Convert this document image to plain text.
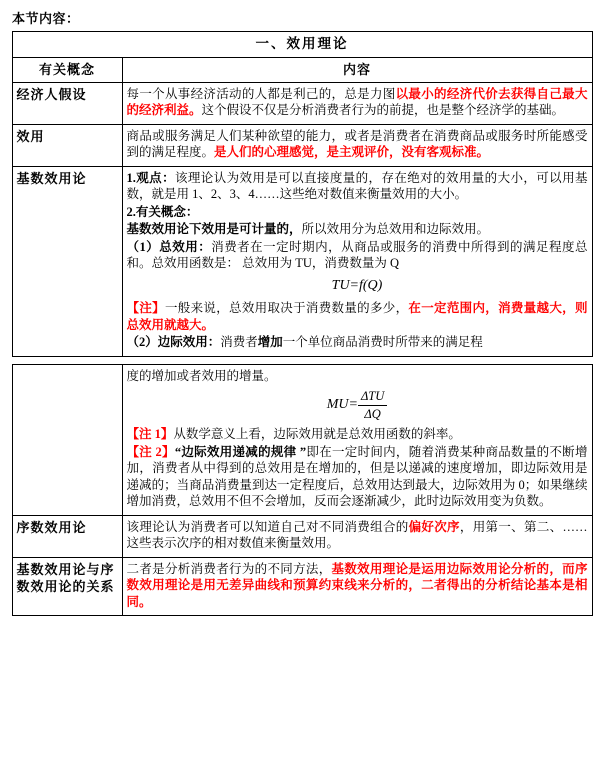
本节内容：
一、效用理论	
有关概念	内容
经济人假设	每一个从事经济活动的人都是利己的，总是力图以最小的经济代价去获得自己最大的经济利益。这个假设不仅是分析消费者行为的前提，也是整个经济学的基础。

效用	商品或服务满足人们某种欲望的能力，或者是消费者在消费商品或服务时所能感受到的满足程度。是人们的心理感觉，是主观评价，没有客观标准。

基数效用论	1.观点：该理论认为效用是可以直接度量的，存在绝对的效用量的大小，可以用基数，就是用 1、2、3、4……这些绝对数值来衡量效用的大小。

2.有关概念：

基数效用论下效用是可计量的，所以效用分为总效用和边际效用。

（1）总效用：消费者在一定时期内，从商品或服务的消费中所得到的满足程度总和。总效用函数是： 总效用为 TU，消费数量为 Q

TU=f(Q)

【注】一般来说，总效用取决于消费数量的多少，在一定范围内，消费量越大，则总效用就越大。

（2）边际效用：消费者增加一个单位商品消费时所带来的满足程

度的增加或者效用的增量。

$MU= \frac{\text{ΔTU}}{\Delta Q}$

【注 1】从数学意义上看，边际效用就是总效用函数的斜率。

【注 2】“边际效用递减的规律 ”即在一定时间内，随着消费某种商品数量的不断增加，消费者从中得到的总效用是在增加的，但是以递减的速度增加，即边际效用是递减的；当商品消费量到达一定程度后，总效用达到最大，边际效用为 0；如果继续增加消费，总效用不但不会增加，反而会逐渐减少，此时边际效用变为负数。

序数效用论	该理论认为消费者可以知道自己对不同消费组合的偏好次序，用第一、第二、……这些表示次序的相对数值来衡量效用。

基数效用论与序数效用论的关系	二者是分析消费者行为的不同方法，基数效用理论是运用边际效用论分析的，而序数效用理论是用无差异曲线和预算约束线来分析的，二者得出的分析结论基本是相同。
